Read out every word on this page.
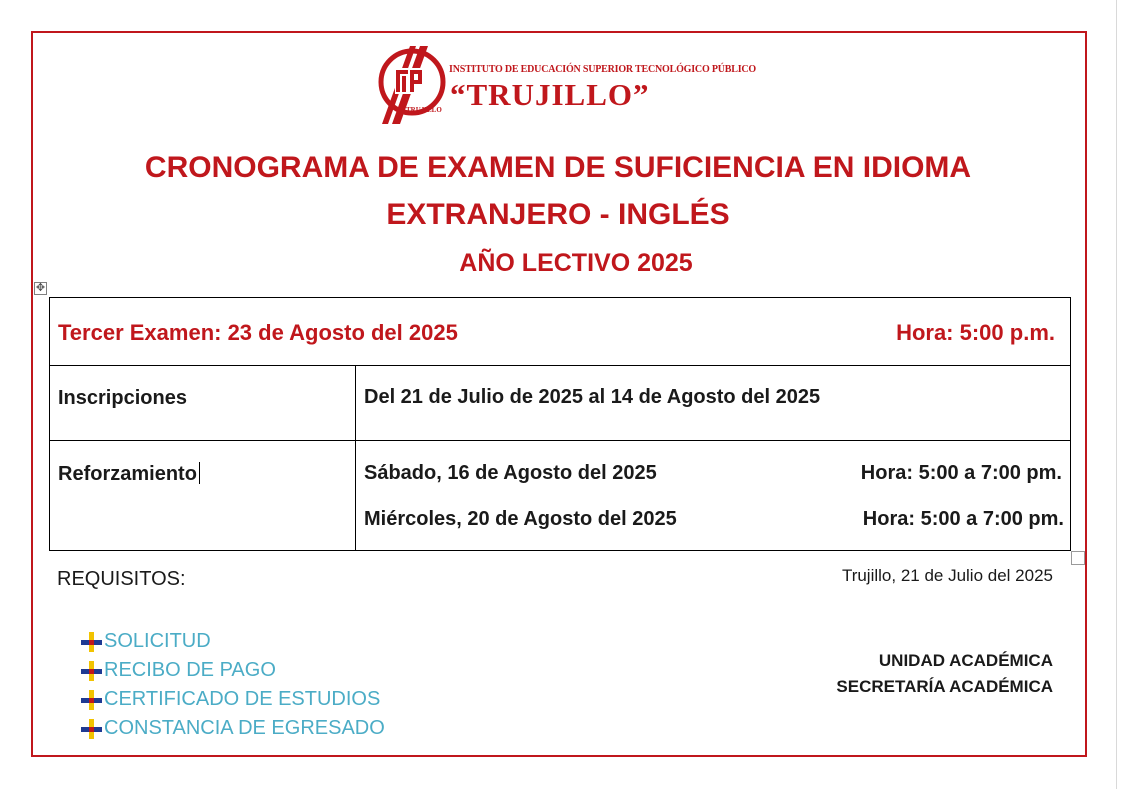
TRUJILLO
INSTITUTO DE EDUCACIÓN SUPERIOR TECNOLÓGICO PÚBLICO
“TRUJILLO”
CRONOGRAMA DE EXAMEN DE SUFICIENCIA EN IDIOMA
EXTRANJERO - INGLÉS
AÑO LECTIVO 2025
✥
Tercer Examen: 23 de Agosto del 2025	Hora: 5:00 p.m.
Inscripciones	Del 21 de Julio de 2025 al 14 de Agosto del 2025
Reforzamiento	Sábado, 16 de Agosto del 2025	Hora: 5:00 a 7:00 pm.
Miércoles, 20 de Agosto del 2025	Hora: 5:00 a 7:00 pm.
REQUISITOS:
SOLICITUD
RECIBO DE PAGO
CERTIFICADO DE ESTUDIOS
CONSTANCIA DE EGRESADO
Trujillo, 21 de Julio del 2025
UNIDAD ACADÉMICA
SECRETARÍA ACADÉMICA
